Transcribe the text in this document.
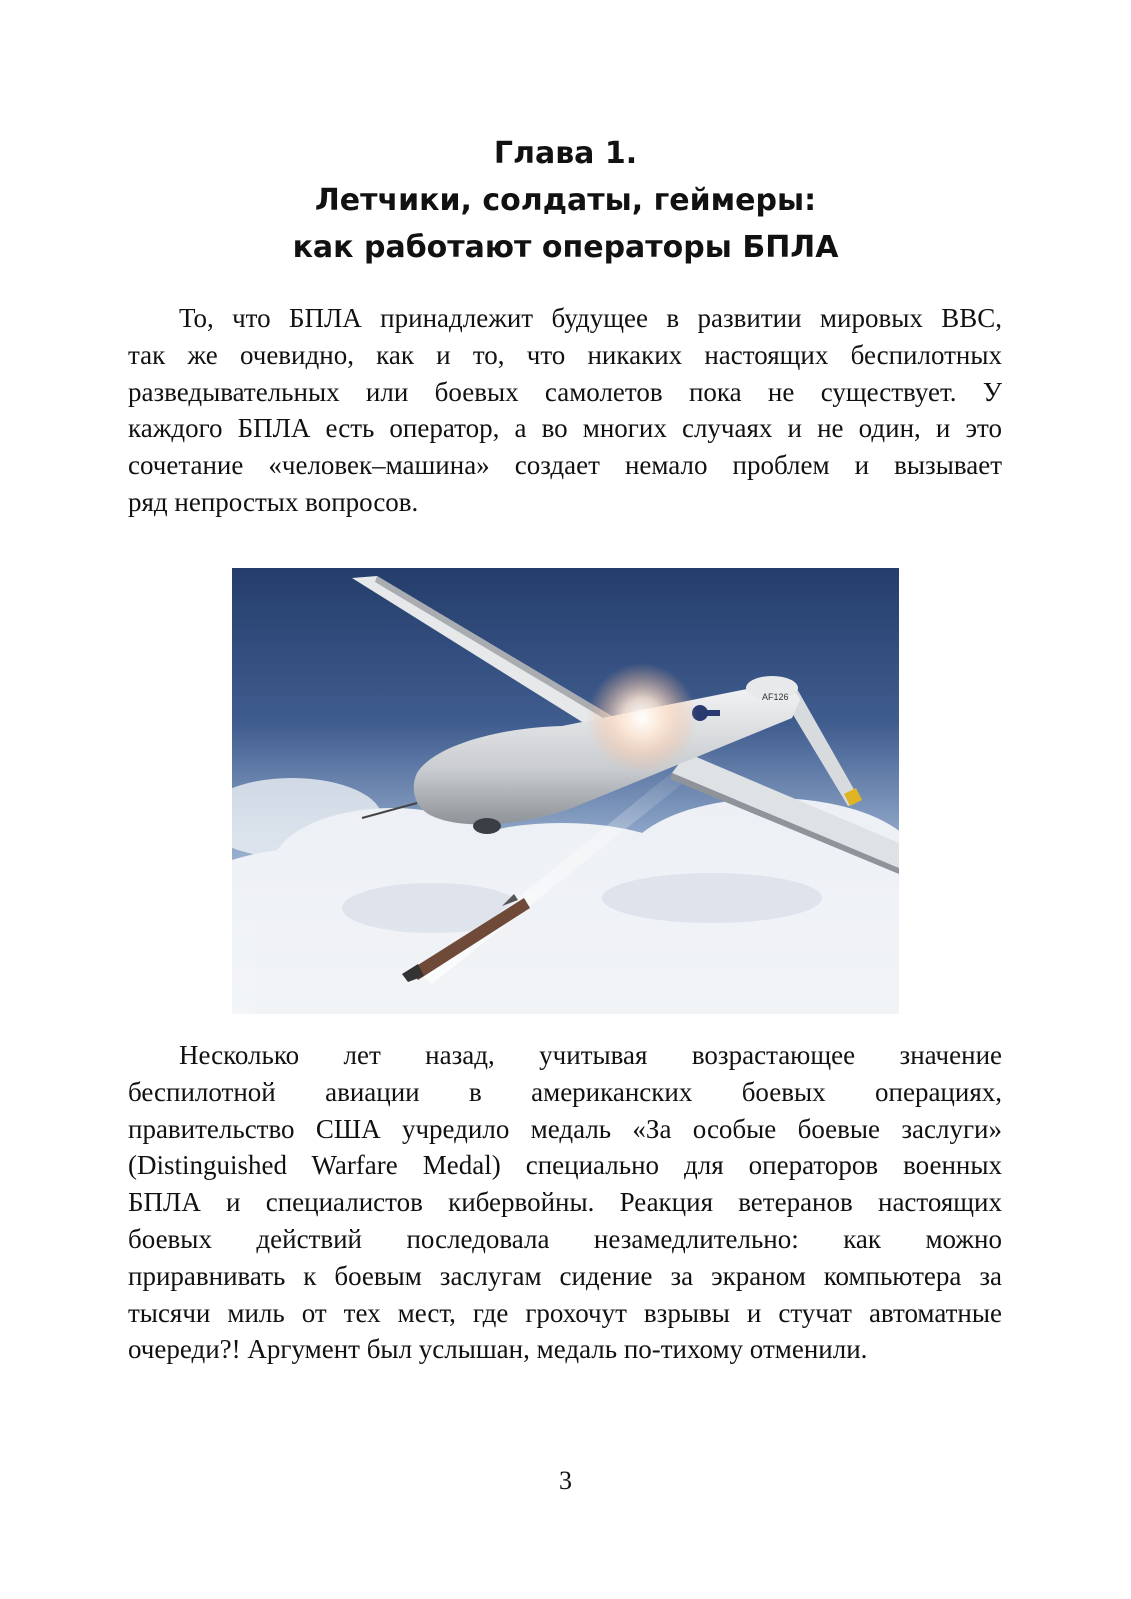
Глава 1.
Летчики, солдаты, геймеры:
как работают операторы БПЛА
То, что БПЛА принадлежит будущее в развитии мировых ВВС,
так же очевидно, как и то, что никаких настоящих беспилотных
разведывательных или боевых самолетов пока не существует. У
каждого БПЛА есть оператор, а во многих случаях и не один, и это
сочетание «человек–машина» создает немало проблем и вызывает
ряд непростых вопросов.
AF126
Несколько лет назад, учитывая возрастающее значение
беспилотной авиации в американских боевых операциях,
правительство США учредило медаль «За особые боевые заслуги»
(Distinguished Warfare Medal) специально для операторов военных
БПЛА и специалистов кибервойны. Реакция ветеранов настоящих
боевых действий последовала незамедлительно: как можно
приравнивать к боевым заслугам сидение за экраном компьютера за
тысячи миль от тех мест, где грохочут взрывы и стучат автоматные
очереди?! Аргумент был услышан, медаль по-тихому отменили.
3
